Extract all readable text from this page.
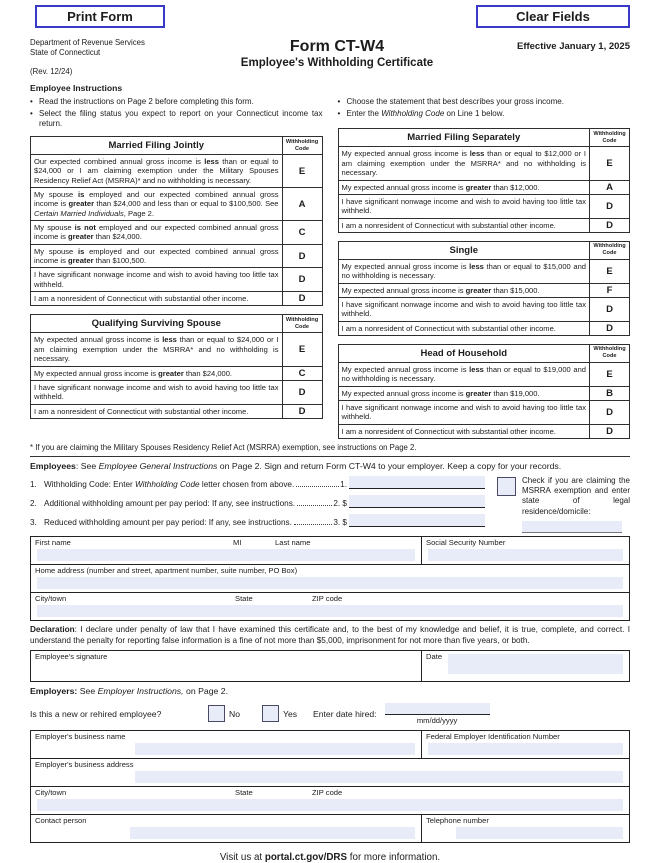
Print Form	Clear Fields
Department of Revenue Services
State of Connecticut
(Rev. 12/24)
Form CT-W4
Employee's Withholding Certificate
Effective January 1, 2025
Employee Instructions
• Read the instructions on Page 2 before completing this form.
• Select the filing status you expect to report on your Connecticut income tax return.
Married Filing Jointly	Withholding Code
Our expected combined annual gross income is less than or equal to $24,000 or I am claiming exemption under the Military Spouses Residency Relief Act (MSRRA)* and no withholding is necessary.	E
My spouse is employed and our expected combined annual gross income is greater than $24,000 and less than or equal to $100,500. See Certain Married Individuals, Page 2.	A
My spouse is not employed and our expected combined annual gross income is greater than $24,000.	C
My spouse is employed and our expected combined annual gross income is greater than $100,500.	D
I have significant nonwage income and wish to avoid having too little tax withheld.	D
I am a nonresident of Connecticut with substantial other income.	D
Qualifying Surviving Spouse	Withholding Code
My expected annual gross income is less than or equal to $24,000 or I am claiming exemption under the MSRRA* and no withholding is necessary.	E
My expected annual gross income is greater than $24,000.	C
I have significant nonwage income and wish to avoid having too little tax withheld.	D
I am a nonresident of Connecticut with substantial other income.	D
• Choose the statement that best describes your gross income.
• Enter the Withholding Code on Line 1 below.
Married Filing Separately	Withholding Code
My expected annual gross income is less than or equal to $12,000 or I am claiming exemption under the MSRRA* and no withholding is necessary.	E
My expected annual gross income is greater than $12,000.	A
I have significant nonwage income and wish to avoid having too little tax withheld.	D
I am a nonresident of Connecticut with substantial other income.	D
Single	Withholding Code
My expected annual gross income is less than or equal to $15,000 and no withholding is necessary.	E
My expected annual gross income is greater than $15,000.	F
I have significant nonwage income and wish to avoid having too little tax withheld.	D
I am a nonresident of Connecticut with substantial other income.	D
Head of Household	Withholding Code
My expected annual gross income is less than or equal to $19,000 and no withholding is necessary.	E
My expected annual gross income is greater than $19,000.	B
I have significant nonwage income and wish to avoid having too little tax withheld.	D
I am a nonresident of Connecticut with substantial other income.	D
* If you are claiming the Military Spouses Residency Relief Act (MSRRA) exemption, see instructions on Page 2.
Employees: See Employee General Instructions on Page 2. Sign and return Form CT-W4 to your employer. Keep a copy for your records.
1. Withholding Code: Enter Withholding Code letter chosen from above.	1.
2. Additional withholding amount per pay period: If any, see instructions.	2. $
3. Reduced withholding amount per pay period: If any, see instructions.	3. $
Check if you are claiming the MSRRA exemption and enter state of legal residence/domicile:
First name	MI	Last name	Social Security Number
Home address (number and street, apartment number, suite number, PO Box)
City/town	State	ZIP code
Declaration: I declare under penalty of law that I have examined this certificate and, to the best of my knowledge and belief, it is true, complete, and correct. I understand the penalty for reporting false information is a fine of not more than $5,000, imprisonment for not more than five years, or both.
Employee's signature	Date
Employers: See Employer Instructions, on Page 2.
Is this a new or rehired employee?	No	Yes Enter date hired:
mm/dd/yyyy
Employer's business name	Federal Employer Identification Number
Employer's business address
City/town	State	ZIP code
Contact person	Telephone number
Visit us at portal.ct.gov/DRS for more information.
